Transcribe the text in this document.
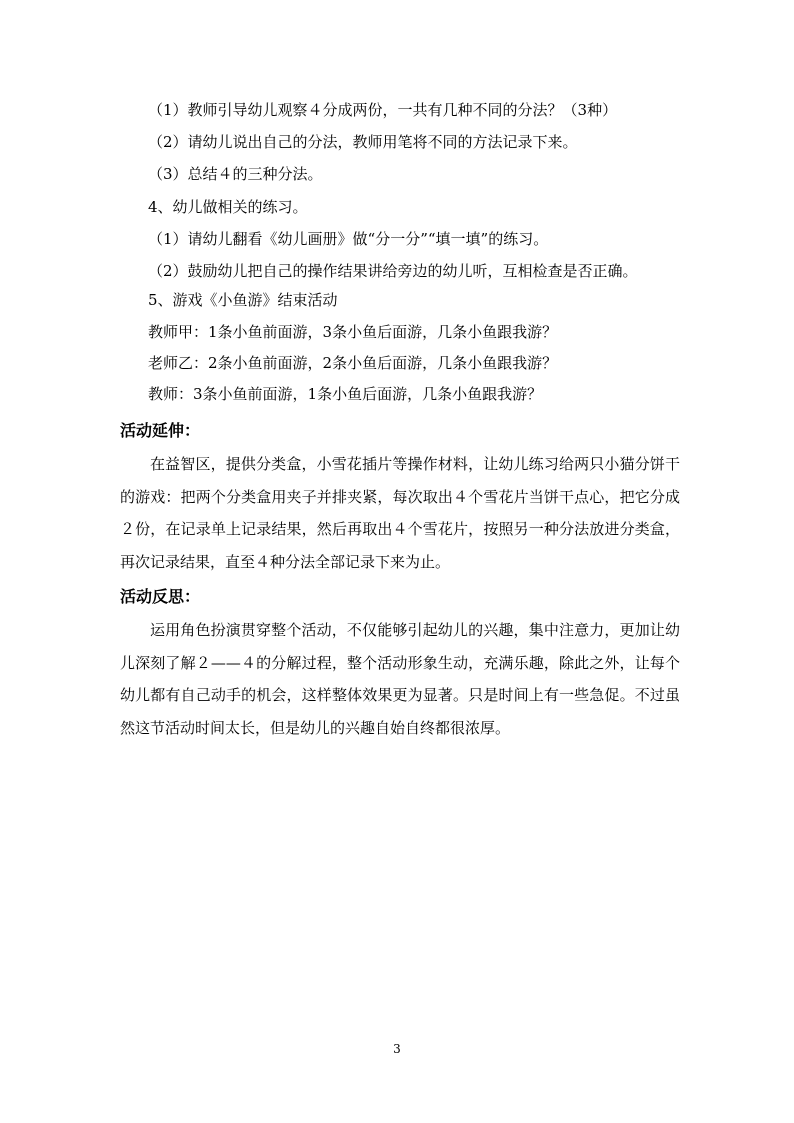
（1）教师引导幼儿观察４分成两份，一共有几种不同的分法？（3种）
（2）请幼儿说出自己的分法，教师用笔将不同的方法记录下来。
（3）总结４的三种分法。
4、幼儿做相关的练习。
（1）请幼儿翻看《幼儿画册》做“分一分”“填一填”的练习。
（2）鼓励幼儿把自己的操作结果讲给旁边的幼儿听，互相检查是否正确。
5、游戏《小鱼游》结束活动
教师甲：1条小鱼前面游，3条小鱼后面游，几条小鱼跟我游？
老师乙：2条小鱼前面游，2条小鱼后面游，几条小鱼跟我游？
教师：3条小鱼前面游，1条小鱼后面游，几条小鱼跟我游？
活动延伸：
在益智区，提供分类盒，小雪花插片等操作材料，让幼儿练习给两只小猫分饼干的游戏：把两个分类盒用夹子并排夹紧，每次取出４个雪花片当饼干点心，把它分成２份，在记录单上记录结果，然后再取出４个雪花片，按照另一种分法放进分类盒，再次记录结果，直至４种分法全部记录下来为止。
活动反思：
运用角色扮演贯穿整个活动，不仅能够引起幼儿的兴趣，集中注意力，更加让幼儿深刻了解２——４的分解过程，整个活动形象生动，充满乐趣，除此之外，让每个幼儿都有自己动手的机会，这样整体效果更为显著。只是时间上有一些急促。不过虽然这节活动时间太长，但是幼儿的兴趣自始自终都很浓厚。
3
